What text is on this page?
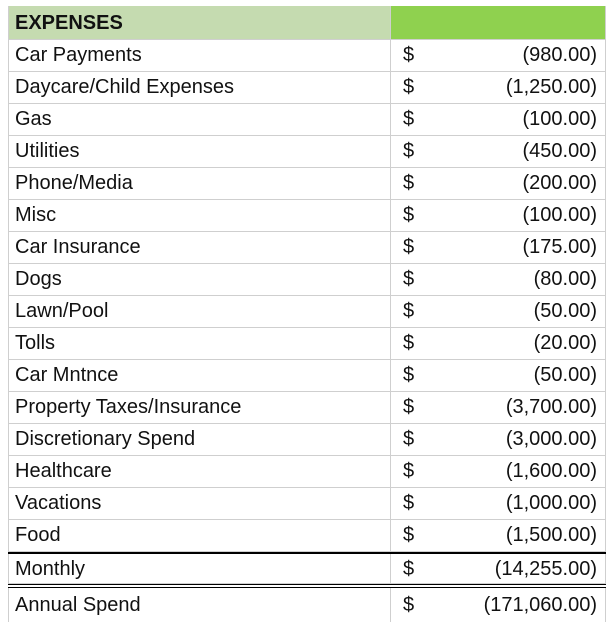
EXPENSES
Car Payments	$	(980.00)
Daycare/Child Expenses	$	(1,250.00)
Gas	$	(100.00)
Utilities	$	(450.00)
Phone/Media	$	(200.00)
Misc	$	(100.00)
Car Insurance	$	(175.00)
Dogs	$	(80.00)
Lawn/Pool	$	(50.00)
Tolls	$	(20.00)
Car Mntnce	$	(50.00)
Property Taxes/Insurance	$	(3,700.00)
Discretionary Spend	$	(3,000.00)
Healthcare	$	(1,600.00)
Vacations	$	(1,000.00)
Food	$	(1,500.00)
Monthly	$	(14,255.00)
Annual Spend	$	(171,060.00)
